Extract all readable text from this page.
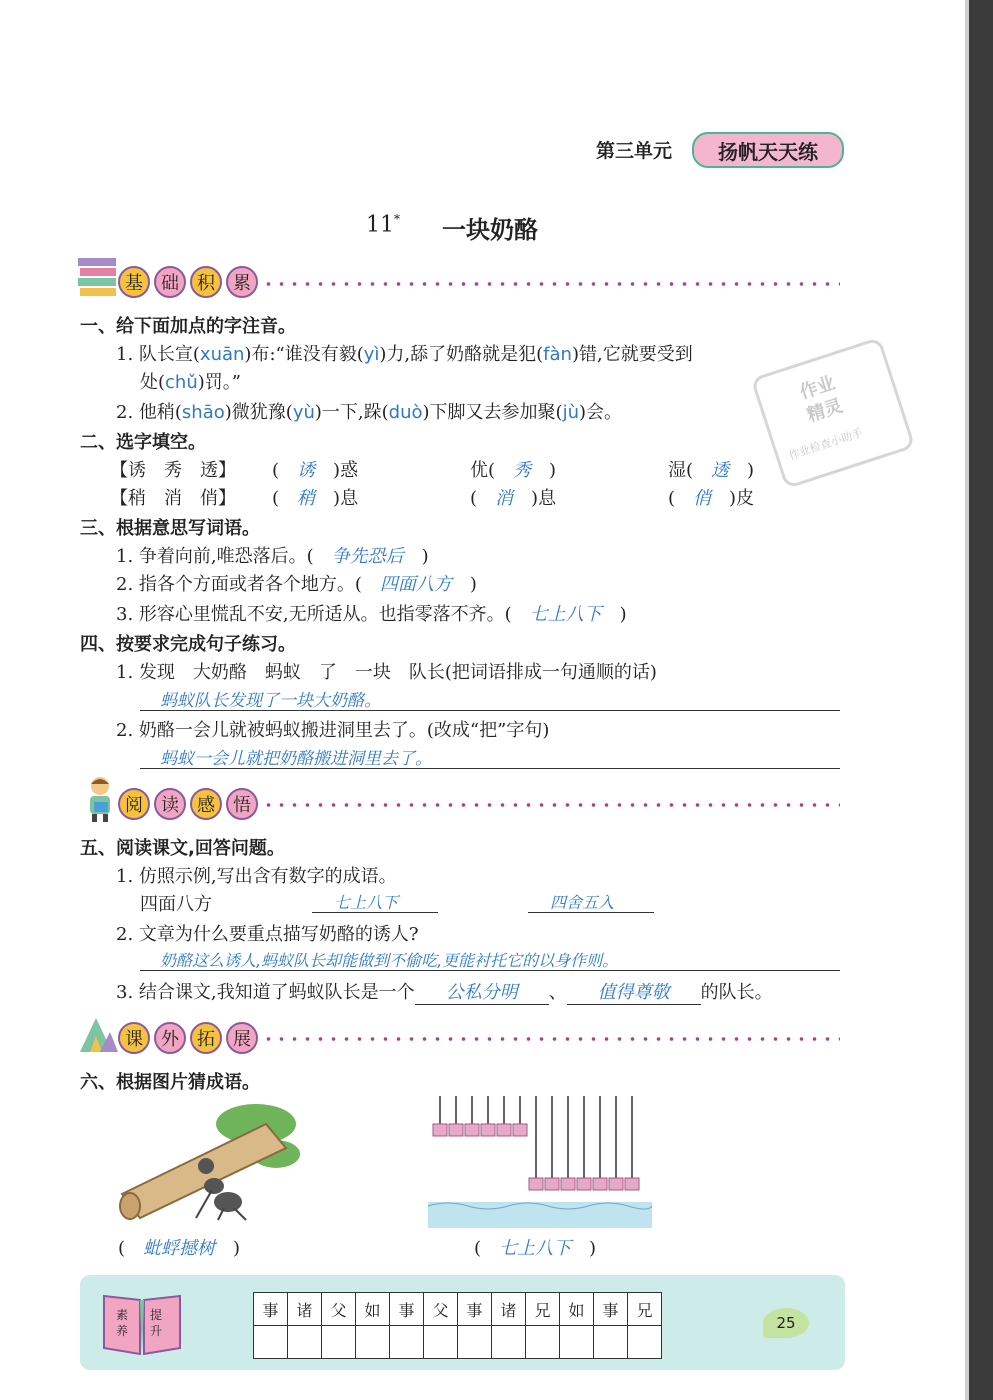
第三单元 扬帆天天练
11* 一块奶酪
作业
精灵
作业检查小助手
基	础	积	累
一、给下面加点的字注音。
1. 队长宣(xuān)布:“谁没有毅(yì)力,舔了奶酪就是犯(fàn)错,它就要受到
处(chǔ)罚。”
2. 他稍(shāo)微犹豫(yù)一下,跺(duò)下脚又去参加聚(jù)会。
二、选字填空。
【诱　秀　透】 (　诱　)惑	优(　 秀　)	湿(　 透　)
【稍　消　俏】 (　稍　)息	(　消　)息	(　俏　)皮
三、根据意思写词语。
1. 争着向前,唯恐落后。(　 争先恐后　)
2. 指各个方面或者各个地方。(　 四面八方　)
3. 形容心里慌乱不安,无所适从。也指零落不齐。(　 七上八下　)
四、按要求完成句子练习。
1. 发现　大奶酪　蚂蚁　了　一块　队长(把词语排成一句通顺的话)
蚂蚁队长发现了一块大奶酪。
2. 奶酪一会儿就被蚂蚁搬进洞里去了。(改成“把”字句)
蚂蚁一会儿就把奶酪搬进洞里去了。
阅	读	感	悟
五、阅读课文,回答问题。
1. 仿照示例,写出含有数字的成语。
四面八方	七上八下	四舍五入
2. 文章为什么要重点描写奶酪的诱人?
奶酪这么诱人,蚂蚁队长却能做到不偷吃,更能衬托它的以身作则。
3. 结合课文,我知道了蚂蚁队长是一个 公私分明 、 值得尊敬 的队长。
课	外	拓	展
六、根据图片猜成语。
(　蚍蜉撼树　)	(　七上八下　)
素 提
养 升
事	诸	父	如	事	父	事	诸	兄	如	事	兄

25
